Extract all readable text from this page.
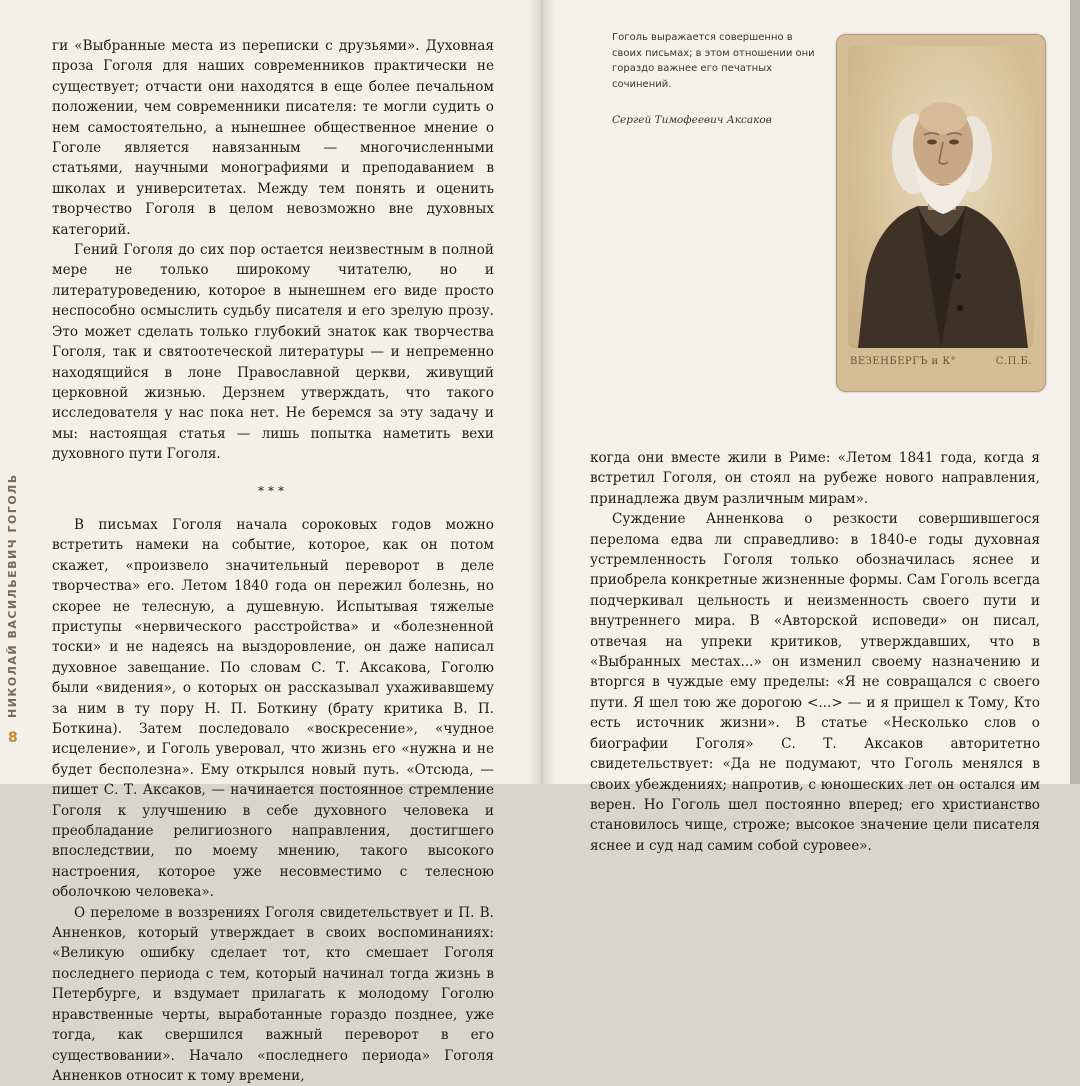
ги «Выбранные места из переписки с друзьями». Духовная проза Гоголя для наших современников практически не существует; отчасти они находятся в еще более печальном положении, чем современники писателя: те могли судить о нем самостоятельно, а нынешнее общественное мнение о Гоголе является навязанным — многочисленными статьями, научными монографиями и преподаванием в школах и университетах. Между тем понять и оценить творчество Гоголя в целом невозможно вне духовных категорий.

Гений Гоголя до сих пор остается неизвестным в полной мере не только широкому читателю, но и литературоведению, которое в нынешнем его виде просто неспособно осмыслить судьбу писателя и его зрелую прозу. Это может сделать только глубокий знаток как творчества Гоголя, так и святоотеческой литературы — и непременно находящийся в лоне Православной церкви, живущий церковной жизнью. Дерзнем утверждать, что такого исследователя у нас пока нет. Не беремся за эту задачу и мы: настоящая статья — лишь попытка наметить вехи духовного пути Гоголя.

***

В письмах Гоголя начала сороковых годов можно встретить намеки на событие, которое, как он потом скажет, «произвело значительный переворот в деле творчества» его. Летом 1840 года он пережил болезнь, но скорее не телесную, а душевную. Испытывая тяжелые приступы «нервического расстройства» и «болезненной тоски» и не надеясь на выздоровление, он даже написал духовное завещание. По словам С. Т. Аксакова, Гоголю были «видения», о которых он рассказывал ухаживавшему за ним в ту пору Н. П. Боткину (брату критика В. П. Боткина). Затем последовало «воскресение», «чудное исцеление», и Гоголь уверовал, что жизнь его «нужна и не будет бесполезна». Ему открылся новый путь. «Отсюда, — пишет С. Т. Аксаков, — начинается постоянное стремление Гоголя к улучшению в себе духовного человека и преобладание религиозного направления, достигшего впоследствии, по моему мнению, такого высокого настроения, которое уже несовместимо с телесною оболочкою человека».

О переломе в воззрениях Гоголя свидетельствует и П. В. Анненков, который утверждает в своих воспоминаниях: «Великую ошибку сделает тот, кто смешает Гоголя последнего периода с тем, который начинал тогда жизнь в Петербурге, и вздумает прилагать к молодому Гоголю нравственные черты, выработанные гораздо позднее, уже тогда, как свершился важный переворот в его существовании». Начало «последнего периода» Гоголя Анненков относит к тому времени,

НИКОЛАЙ ВАСИЛЬЕВИЧ ГОГОЛЬ
8
Гоголь выражается совершенно в своих письмах; в этом отношении они гораздо важнее его печатных сочинений.
Сергей Тимофеевич Аксаков
ВЕЗЕНБЕРГЪ и К°	С.П.Б.

когда они вместе жили в Риме: «Летом 1841 года, когда я встретил Гоголя, он стоял на рубеже нового направления, принадлежа двум различным мирам».

Суждение Анненкова о резкости совершившегося перелома едва ли справедливо: в 1840-е годы духовная устремленность Гоголя только обозначилась яснее и приобрела конкретные жизненные формы. Сам Гоголь всегда подчеркивал цельность и неизменность своего пути и внутреннего мира. В «Авторской исповеди» он писал, отвечая на упреки критиков, утверждавших, что в «Выбранных местах...» он изменил своему назначению и вторгся в чуждые ему пределы: «Я не совращался с своего пути. Я шел тою же дорогою <...> — и я пришел к Тому, Кто есть источник жизни». В статье «Несколько слов о биографии Гоголя» С. Т. Аксаков авторитетно свидетельствует: «Да не подумают, что Гоголь менялся в своих убеждениях; напротив, с юношеских лет он остался им верен. Но Гоголь шел постоянно вперед; его христианство становилось чище, строже; высокое значение цели писателя яснее и суд над самим собой суровее».
